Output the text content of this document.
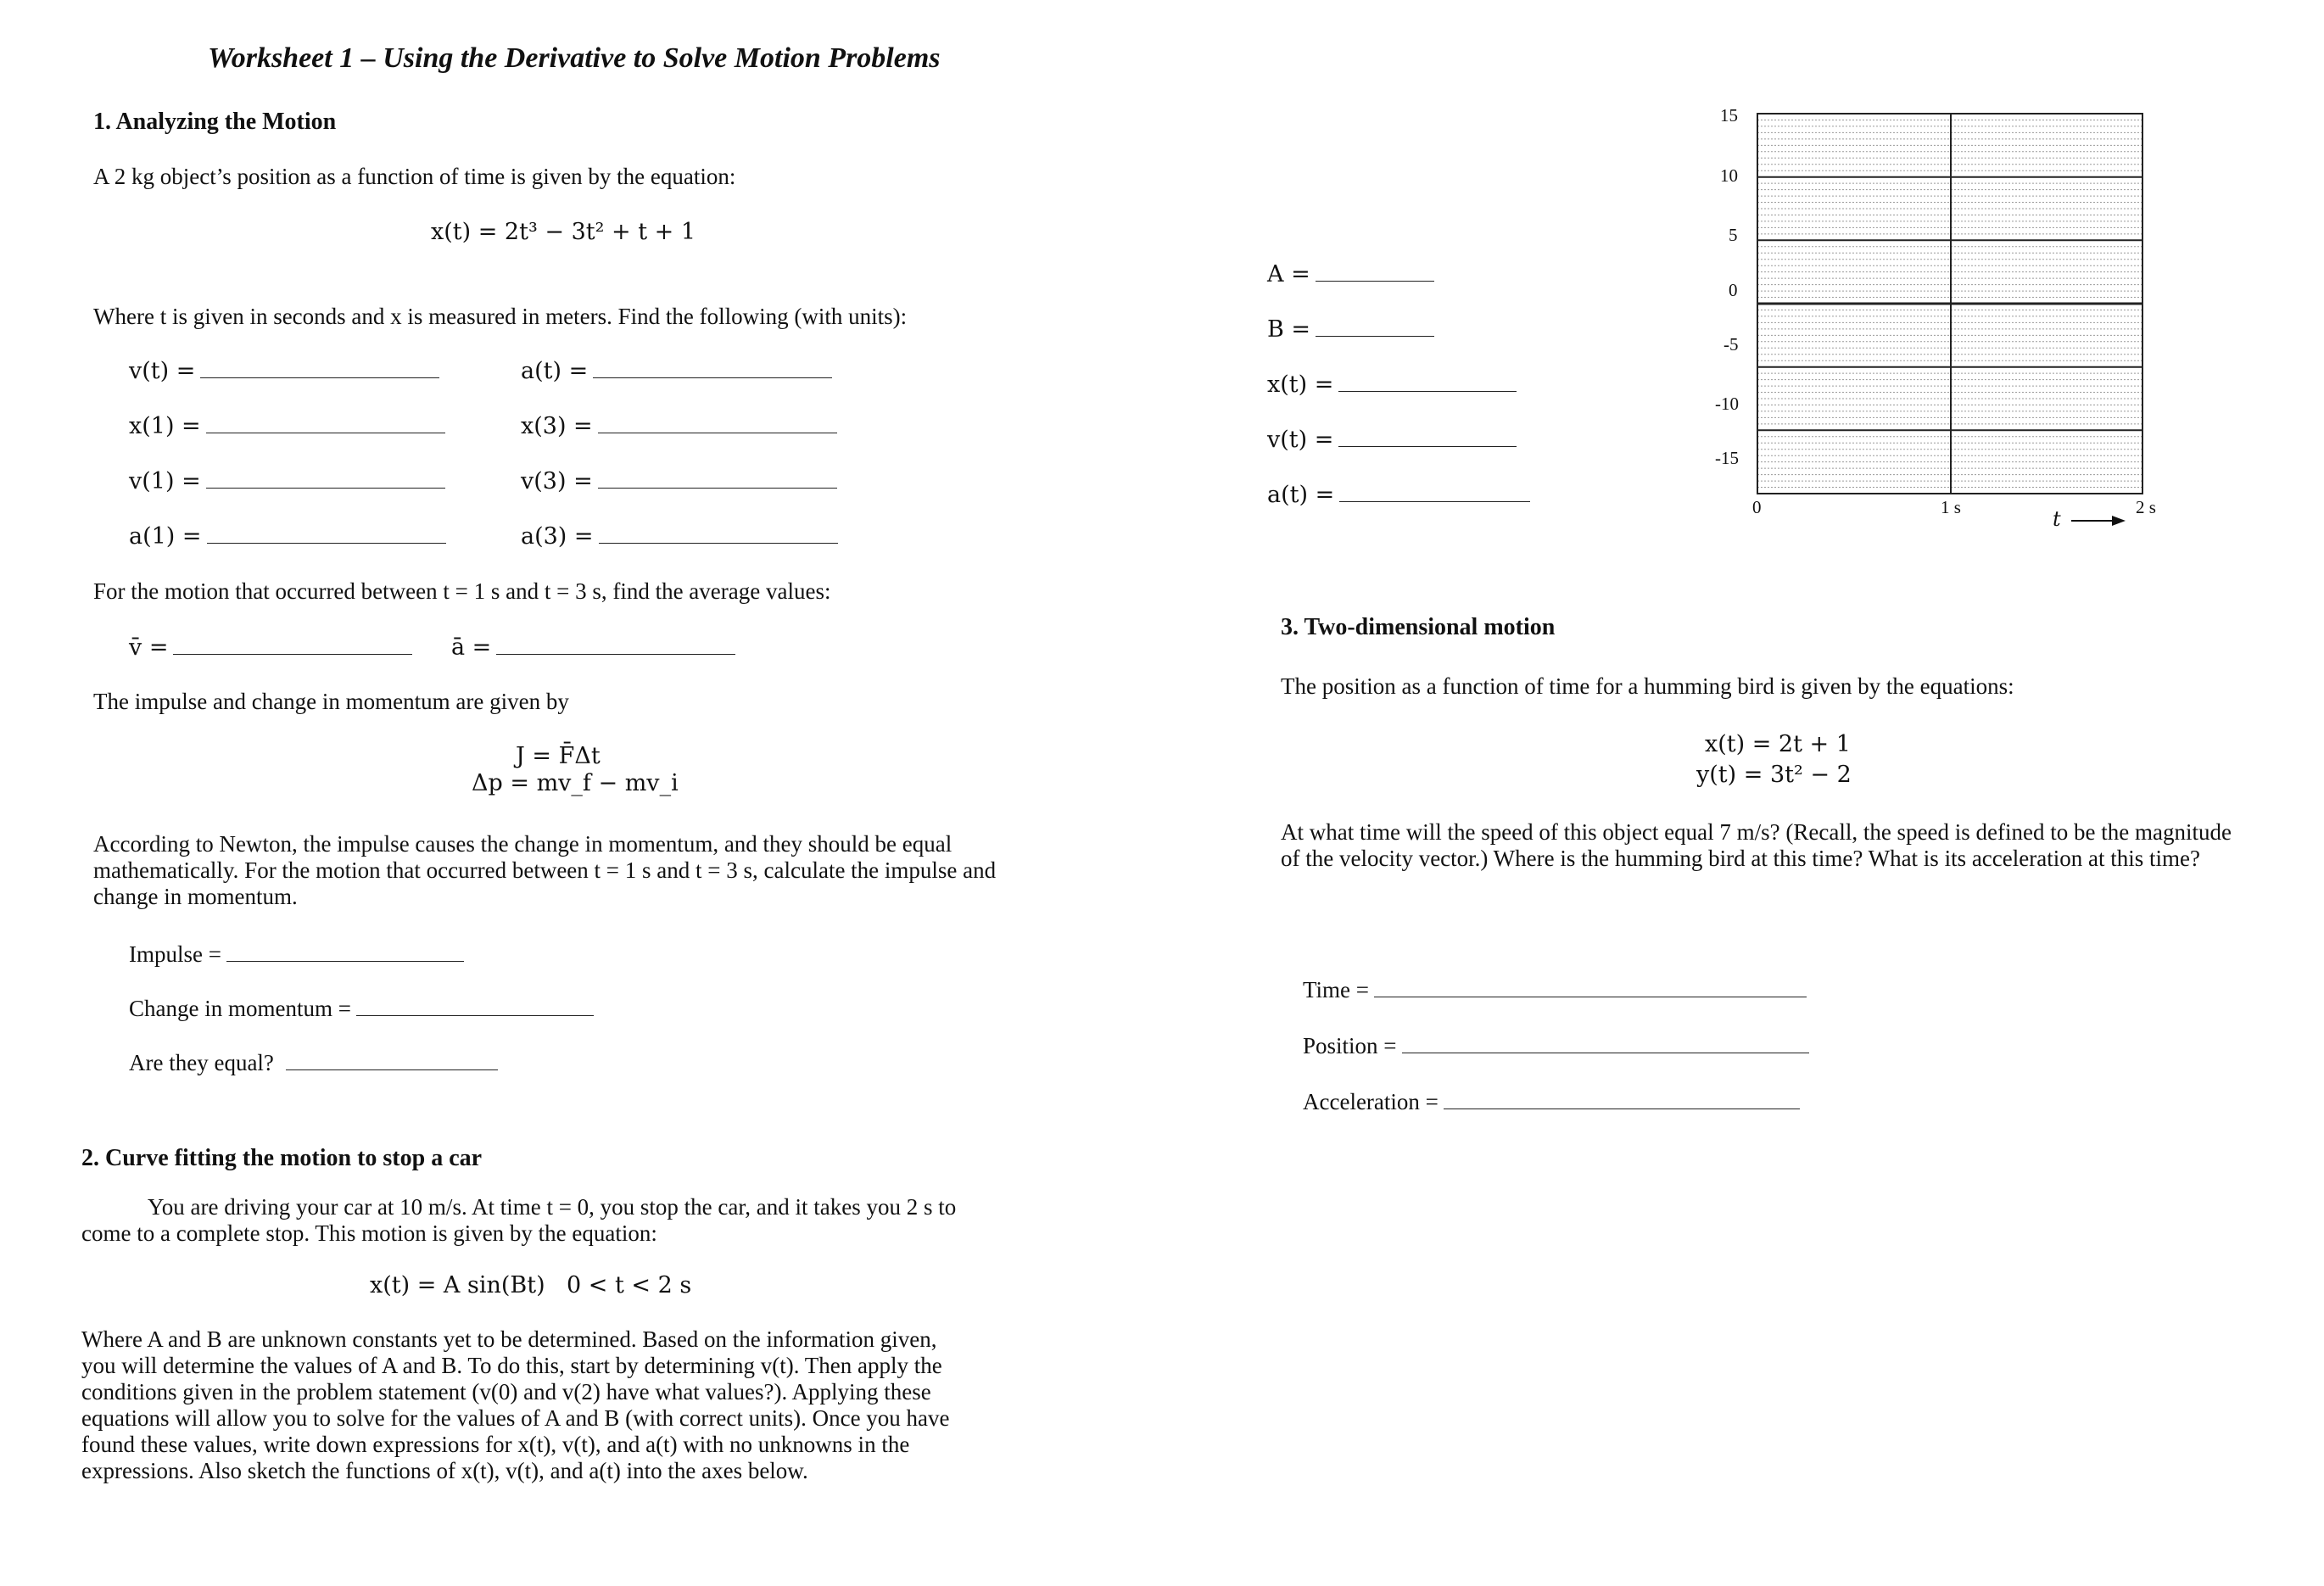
Worksheet 1 – Using the Derivative to Solve Motion Problems
1. Analyzing the Motion
A 2 kg object’s position as a function of time is given by the equation:
x(t) = 2t³ − 3t² + t + 1
Where t is given in seconds and x is measured in meters. Find the following (with units):
v(t) =	a(t) =
x(1) =	x(3) =
v(1) =	v(3) =
a(1) =	a(3) =
For the motion that occurred between t = 1 s and t = 3 s, find the average values:
v̄ =	ā =
The impulse and change in momentum are given by
J = F̄Δt
Δp = mv_f − mv_i
According to Newton, the impulse causes the change in momentum, and they should be equal mathematically. For the motion that occurred between t = 1 s and t = 3 s, calculate the impulse and change in momentum.
Impulse =
Change in momentum =
Are they equal?
2. Curve fitting the motion to stop a car
You are driving your car at 10 m/s. At time t = 0, you stop the car, and it takes you 2 s to come to a complete stop. This motion is given by the equation:
x(t) = A sin(Bt) 0 < t < 2 s
Where A and B are unknown constants yet to be determined. Based on the information given, you will determine the values of A and B. To do this, start by determining v(t). Then apply the conditions given in the problem statement (v(0) and v(2) have what values?). Applying these equations will allow you to solve for the values of A and B (with correct units). Once you have found these values, write down expressions for x(t), v(t), and a(t) with no unknowns in the expressions. Also sketch the functions of x(t), v(t), and a(t) into the axes below.
A =
B =
x(t) =
v(t) =
a(t) =
15
10
5
0
-5
-10
-15
0	1 s	2 s
t
3. Two-dimensional motion
The position as a function of time for a humming bird is given by the equations:
x(t) = 2t + 1
y(t) = 3t² − 2
At what time will the speed of this object equal 7 m/s? (Recall, the speed is defined to be the magnitude of the velocity vector.) Where is the humming bird at this time? What is its acceleration at this time?
Time =
Position =
Acceleration =
